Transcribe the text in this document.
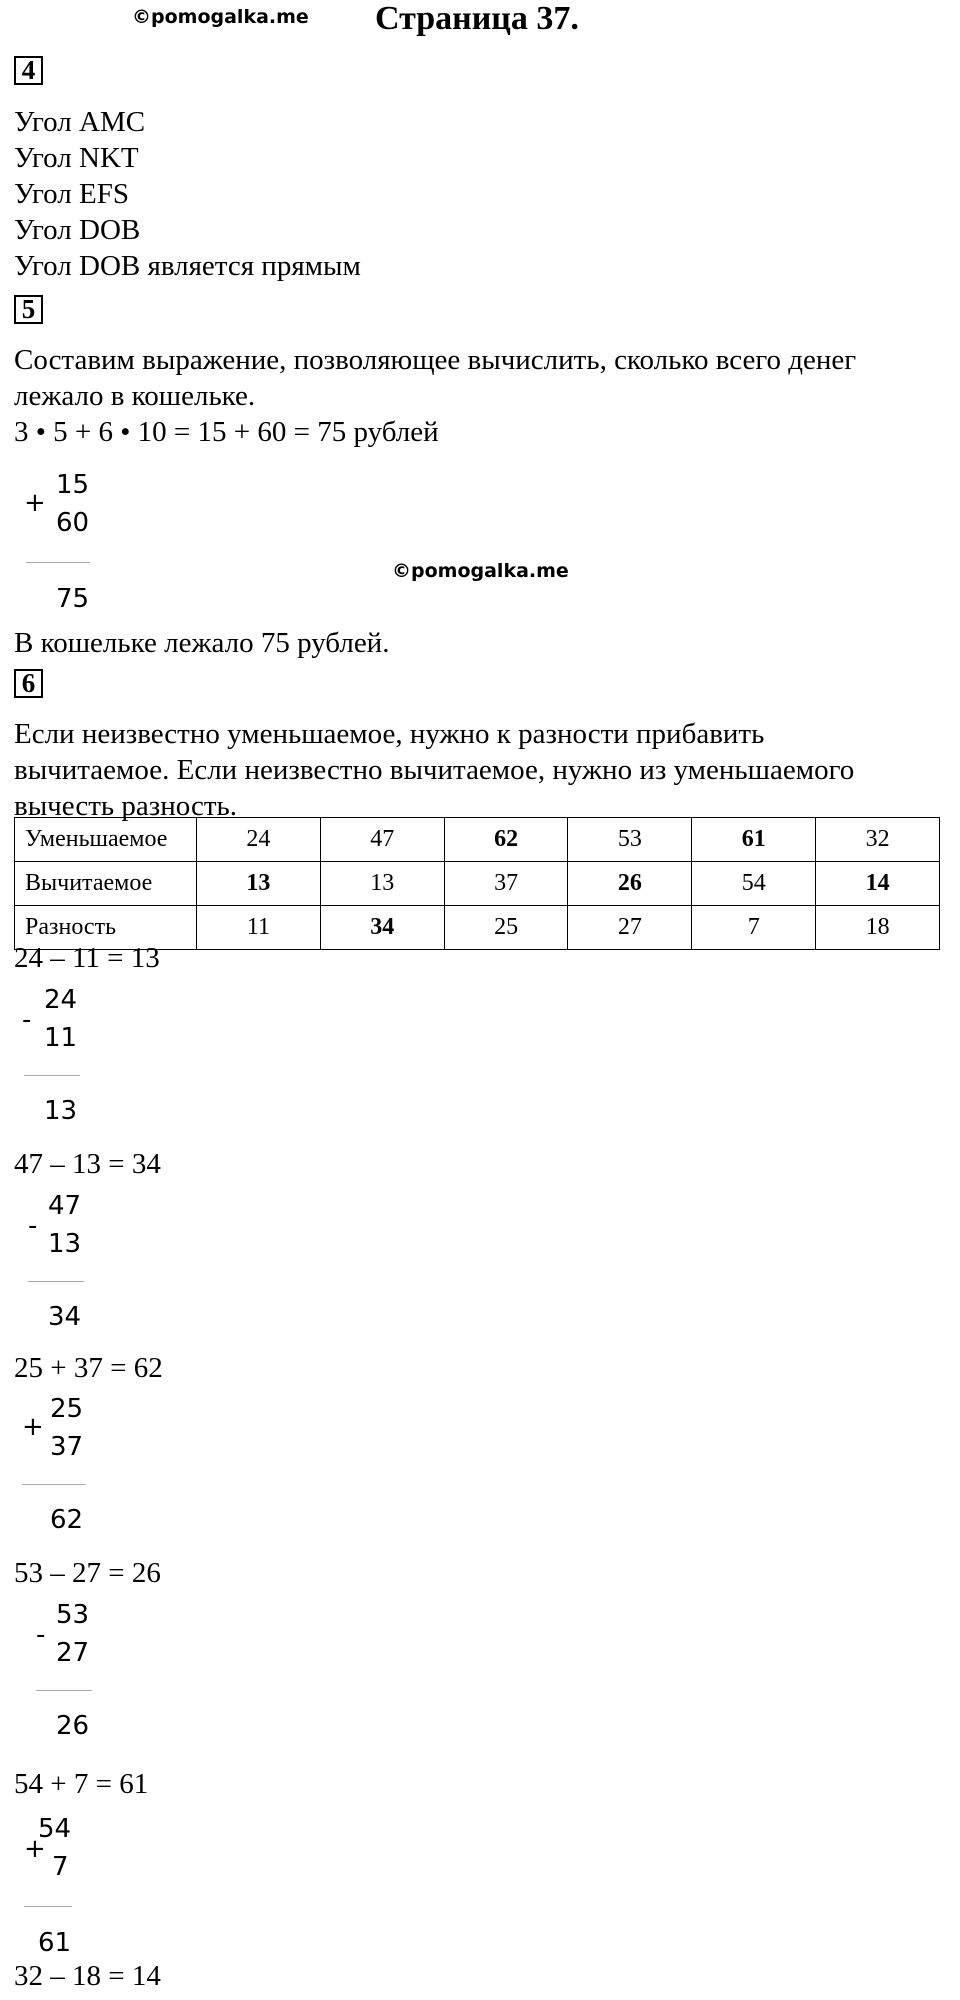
©pomogalka.me Страница 37.
4
Угол АМС
Угол NKT
Угол EFS
Угол DOB
Угол DOB является прямым
5
Составим выражение, позволяющее вычислить, сколько всего денег
лежало в кошельке.
3 • 5 + 6 • 10 = 15 + 60 = 75 рублей
+
15
60
75
©pomogalka.me
В кошельке лежало 75 рублей.
6
Если неизвестно уменьшаемое, нужно к разности прибавить
вычитаемое. Если неизвестно вычитаемое, нужно из уменьшаемого
вычесть разность.
Уменьшаемое	24	47	62	53	61	32
Вычитаемое	13	13	37	26	54	14
Разность	11	34	25	27	7	18
24 – 11 = 13
-
24
11
13
47 – 13 = 34
-
47
13
34
25 + 37 = 62
+
25
37
62
53 – 27 = 26
-
53
27
26
54 + 7 = 61
+
54
7
61
32 – 18 = 14
